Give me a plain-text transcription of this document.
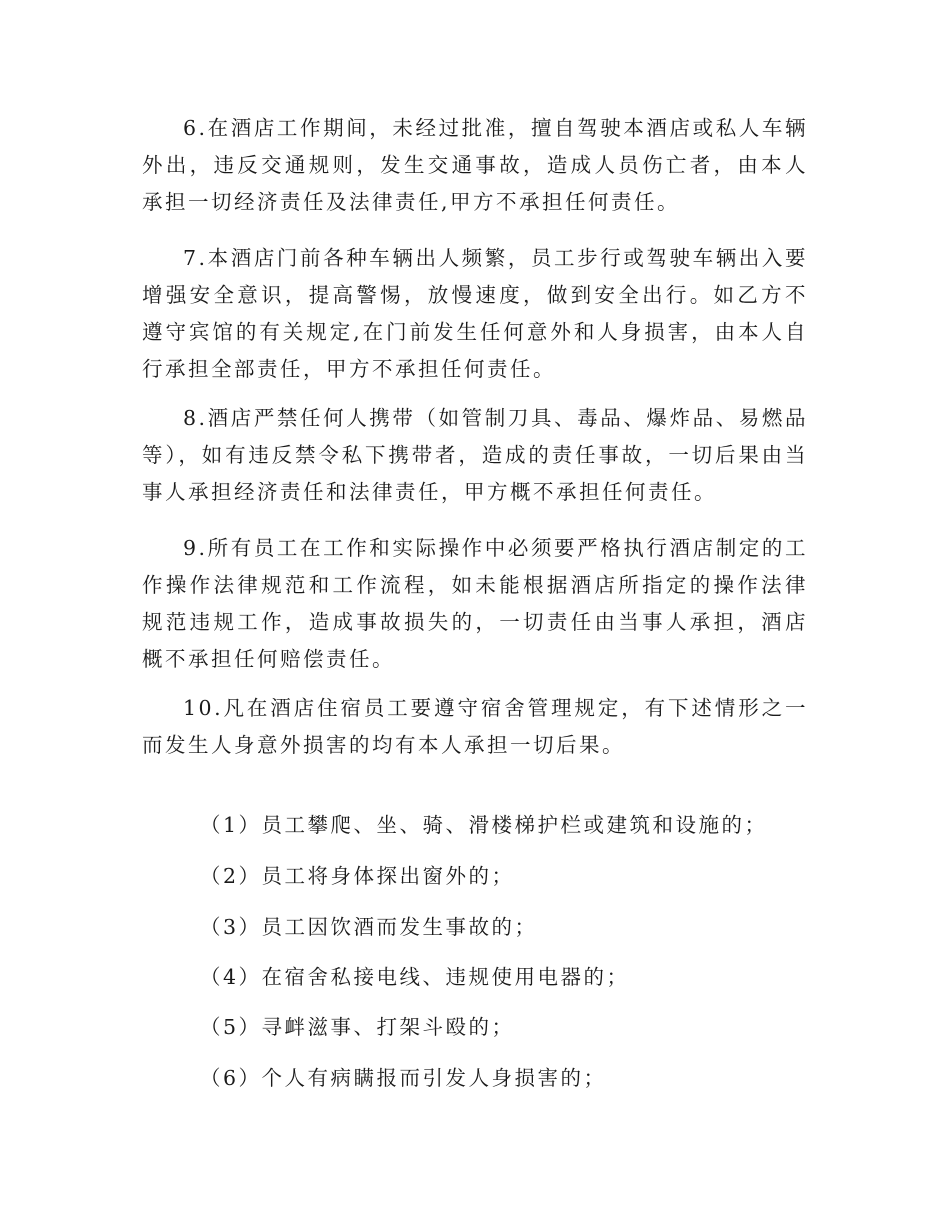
6.在酒店工作期间，未经过批准，擅自驾驶本酒店或私人车辆外出，违反交通规则，发生交通事故，造成人员伤亡者，由本人承担一切经济责任及法律责任,甲方不承担任何责任。

7.本酒店门前各种车辆出人频繁，员工步行或驾驶车辆出入要增强安全意识，提高警惕，放慢速度，做到安全出行。如乙方不遵守宾馆的有关规定,在门前发生任何意外和人身损害，由本人自行承担全部责任，甲方不承担任何责任。

8.酒店严禁任何人携带（如管制刀具、毒品、爆炸品、易燃品等），如有违反禁令私下携带者，造成的责任事故，一切后果由当事人承担经济责任和法律责任，甲方概不承担任何责任。

9.所有员工在工作和实际操作中必须要严格执行酒店制定的工作操作法律规范和工作流程，如未能根据酒店所指定的操作法律规范违规工作，造成事故损失的，一切责任由当事人承担，酒店概不承担任何赔偿责任。

10.凡在酒店住宿员工要遵守宿舍管理规定，有下述情形之一而发生人身意外损害的均有本人承担一切后果。

（1）员工攀爬、坐、骑、滑楼梯护栏或建筑和设施的；

（2）员工将身体探出窗外的；

（3）员工因饮酒而发生事故的；

（4）在宿舍私接电线、违规使用电器的；

（5）寻衅滋事、打架斗殴的；

（6）个人有病瞒报而引发人身损害的；
